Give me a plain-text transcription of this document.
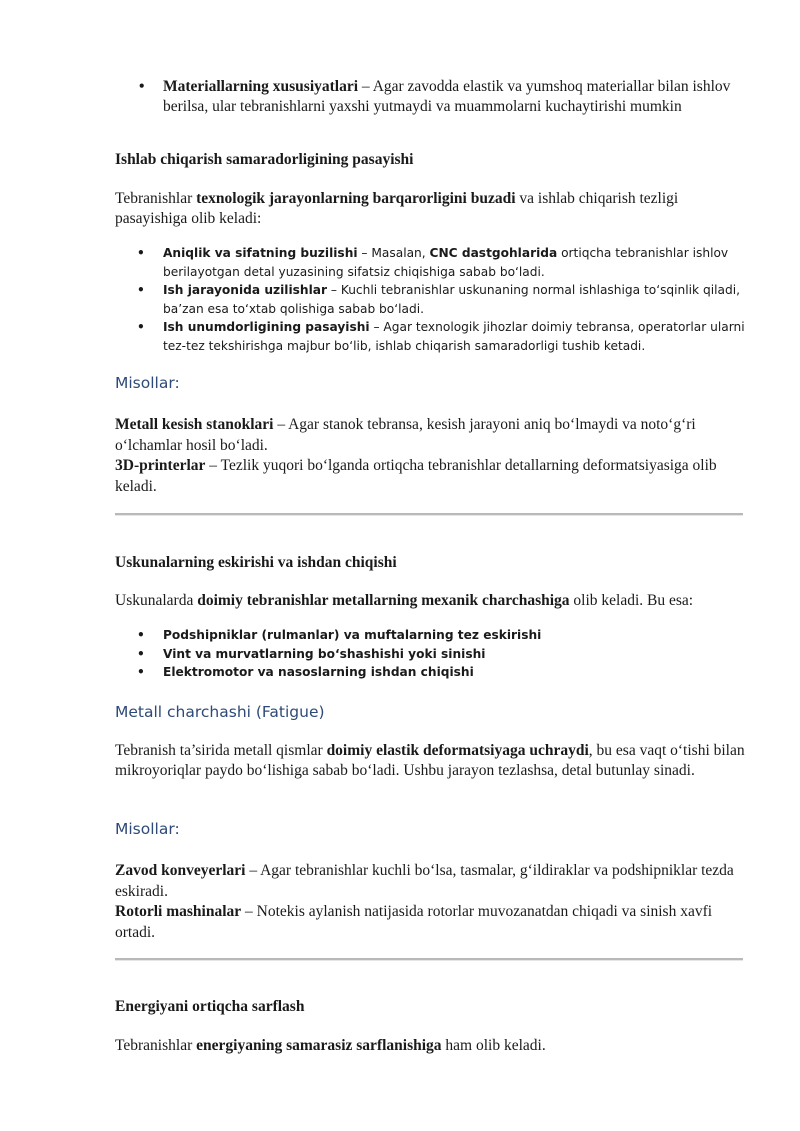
• Materiallarning xususiyatlari – Agar zavodda elastik va yumshoq materiallar bilan ishlov berilsa, ular tebranishlarni yaxshi yutmaydi va muammolarni kuchaytirishi mumkin

Ishlab chiqarish samaradorligining pasayishi

Tebranishlar texnologik jarayonlarning barqarorligini buzadi va ishlab chiqarish tezligi pasayishiga olib keladi:

• Aniqlik va sifatning buzilishi – Masalan, CNC dastgohlarida ortiqcha tebranishlar ishlov berilayotgan detal yuzasining sifatsiz chiqishiga sabab bo‘ladi.
• Ish jarayonida uzilishlar – Kuchli tebranishlar uskunaning normal ishlashiga to‘sqinlik qiladi, ba’zan esa to‘xtab qolishiga sabab bo‘ladi.
• Ish unumdorligining pasayishi – Agar texnologik jihozlar doimiy tebransa, operatorlar ularni tez-tez tekshirishga majbur bo‘lib, ishlab chiqarish samaradorligi tushib ketadi.

Misollar:

Metall kesish stanoklari – Agar stanok tebransa, kesish jarayoni aniq bo‘lmaydi va noto‘g‘ri o‘lchamlar hosil bo‘ladi.
3D-printerlar – Tezlik yuqori bo‘lganda ortiqcha tebranishlar detallarning deformatsiyasiga olib keladi.

Uskunalarning eskirishi va ishdan chiqishi

Uskunalarda doimiy tebranishlar metallarning mexanik charchashiga olib keladi. Bu esa:

• Podshipniklar (rulmanlar) va muftalarning tez eskirishi
• Vint va murvatlarning bo‘shashishi yoki sinishi
• Elektromotor va nasoslarning ishdan chiqishi

Metall charchashi (Fatigue)

Tebranish ta’sirida metall qismlar doimiy elastik deformatsiyaga uchraydi, bu esa vaqt o‘tishi bilan mikroyoriqlar paydo bo‘lishiga sabab bo‘ladi. Ushbu jarayon tezlashsa, detal butunlay sinadi.

Misollar:

Zavod konveyerlari – Agar tebranishlar kuchli bo‘lsa, tasmalar, g‘ildiraklar va podshipniklar tezda eskiradi.
Rotorli mashinalar – Notekis aylanish natijasida rotorlar muvozanatdan chiqadi va sinish xavfi ortadi.

Energiyani ortiqcha sarflash

Tebranishlar energiyaning samarasiz sarflanishiga ham olib keladi.
